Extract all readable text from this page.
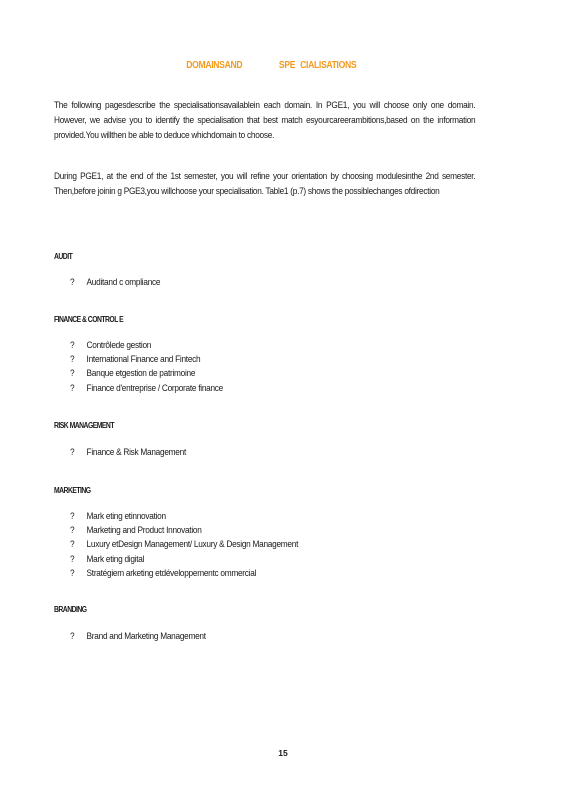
DOMAINSAND	SPE    CIALISATIONS

The following pagesdescribe the specialisationsavailablein each domain. In PGE1, you will choose only one domain. However, we advise you to identify the specialisation that best match esyourcareerambitions,based on the information provided.You willthen be able to deduce whichdomain to choose.

During PGE1, at the end of the 1st semester, you will refine your orientation by choosing modulesinthe 2nd semester. Then,before joinin g PGE3,you willchoose your specialisation. Table1 (p.7) shows the possiblechanges ofdirection

AUDIT
? Auditand c ompliance
FINANCE & CONTROL E
? Contrôlede gestion
? International Finance and Fintech
? Banque etgestion de patrimoine
? Finance d'entreprise / Corporate finance
RISK MANAGEMENT
? Finance & Risk Management
MARKETING
? Mark eting etinnovation
? Marketing and Product Innovation
? Luxury etDesign Management/ Luxury & Design Management
? Mark eting digital
? Stratégiem arketing etdéveloppementc ommercial
BRANDING
? Brand and Marketing Management
15
